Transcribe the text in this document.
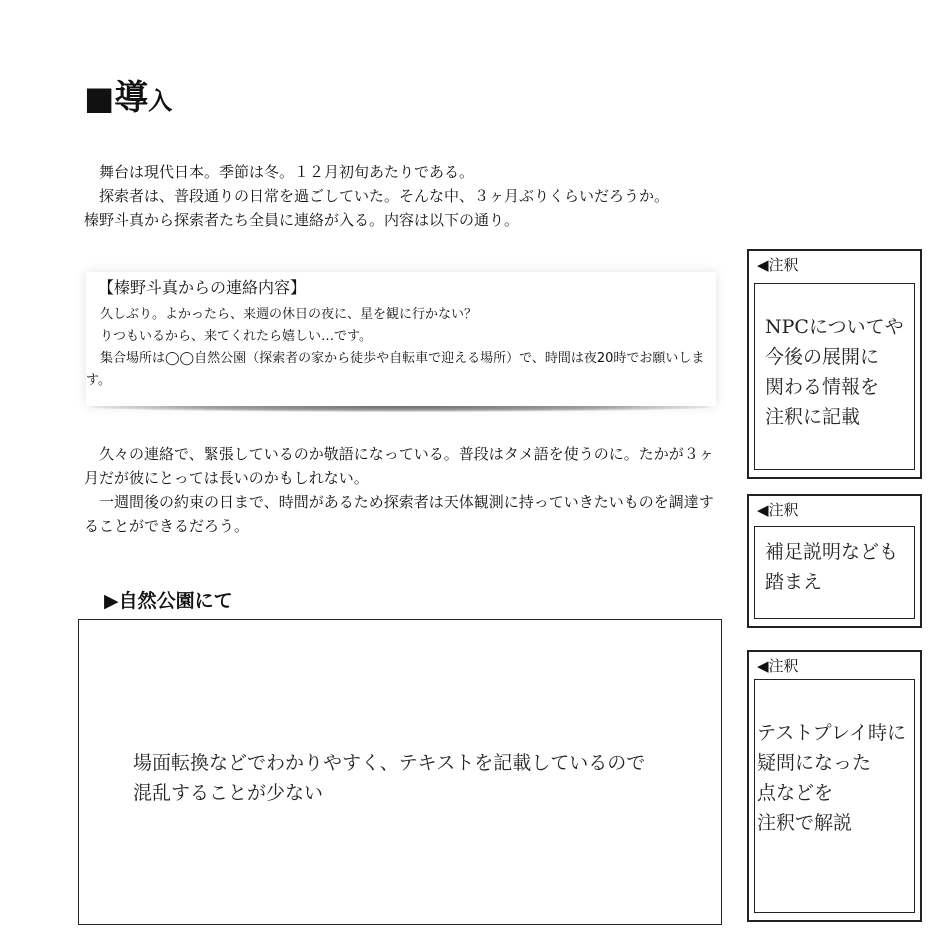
■導入

舞台は現代日本。季節は冬。１２月初旬あたりである。

探索者は、普段通りの日常を過ごしていた。そんな中、３ヶ月ぶりくらいだろうか。

榛野斗真から探索者たち全員に連絡が入る。内容は以下の通り。

【榛野斗真からの連絡内容】

久しぶり。よかったら、来週の休日の夜に、星を観に行かない？

りつもいるから、来てくれたら嬉しい…です。

集合場所は◯◯自然公園（探索者の家から徒歩や自転車で迎える場所）で、時間は夜20時でお願いします。

久々の連絡で、緊張しているのか敬語になっている。普段はタメ語を使うのに。たかが３ヶ月だが彼にとっては長いのかもしれない。

一週間後の約束の日まで、時間があるため探索者は天体観測に持っていきたいものを調達することができるだろう。

▶自然公園にて

場面転換などでわかりやすく、テキストを記載しているので

混乱することが少ない

◀注釈

NPCについてや

今後の展開に

関わる情報を

注釈に記載

◀注釈

補足説明なども

踏まえ

◀注釈

テストプレイ時に

疑問になった

点などを

注釈で解説
